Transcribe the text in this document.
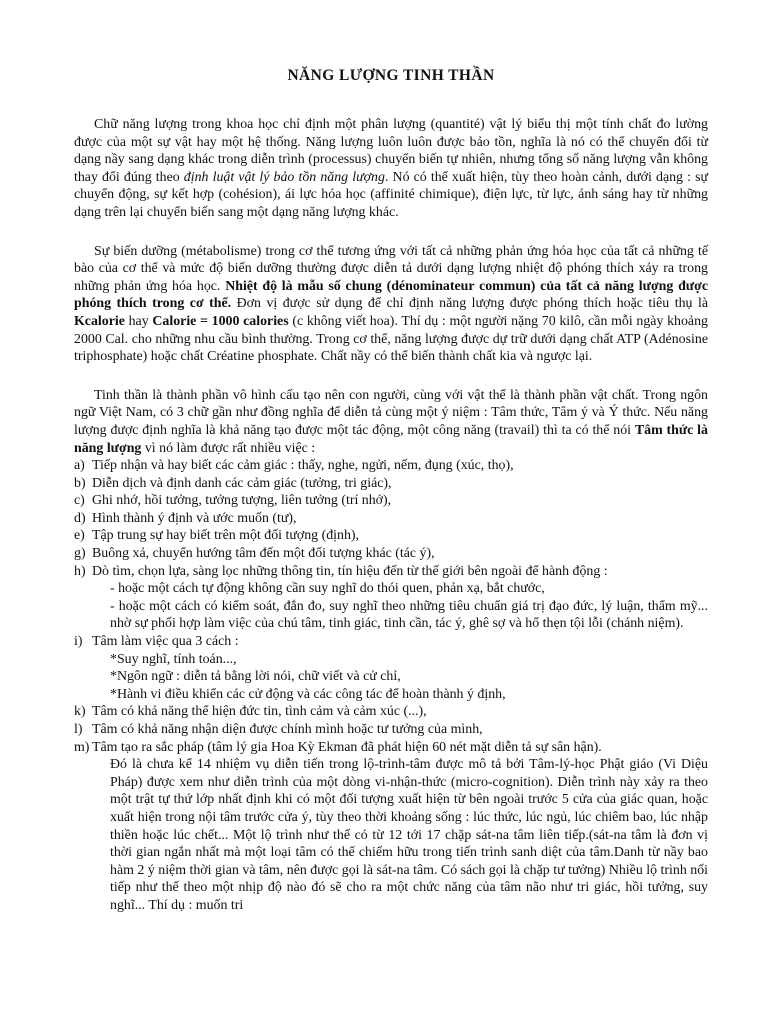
NĂNG LƯỢNG TINH THẦN

Chữ năng lượng trong khoa học chỉ định một phân lượng (quantité) vật lý biểu thị một tính chất đo lường được của một sự vật hay một hệ thống. Năng lượng luôn luôn được bảo tồn, nghĩa là nó có thể chuyển đổi từ dạng nầy sang dạng khác trong diễn trình (processus) chuyển biến tự nhiên, nhưng tổng số năng lượng vẫn không thay đổi đúng theo định luật vật lý bảo tồn năng lượng. Nó có thể xuất hiện, tùy theo hoàn cảnh, dưới dạng : sự chuyển động, sự kết hợp (cohésion), ái lực hóa học (affinité chimique), điện lực, từ lực, ánh sáng hay từ những dạng trên lại chuyển biến sang một dạng năng lượng khác.

Sự biến dưỡng (métabolisme) trong cơ thể tương ứng với tất cả những phản ứng hóa học của tất cả những tế bào của cơ thể và mức độ biến dưỡng thường được diễn tả dưới dạng lượng nhiệt độ phóng thích xảy ra trong những phản ứng hóa học. Nhiệt độ là mẫu số chung (dénominateur commun) của tất cả năng lượng được phóng thích trong cơ thể. Đơn vị được sử dụng để chỉ định năng lượng được phóng thích hoặc tiêu thụ là Kcalorie hay Calorie = 1000 calories (c không viết hoa). Thí dụ : một người nặng 70 kilô, cần mỗi ngày khoảng 2000 Cal. cho những nhu cầu bình thường. Trong cơ thể, năng lượng được dự trữ dưới dạng chất ATP (Adénosine triphosphate) hoặc chất Créatine phosphate. Chất nầy có thể biến thành chất kia và ngược lại.

Tinh thần là thành phần vô hình cấu tạo nên con người, cùng với vật thể là thành phần vật chất. Trong ngôn ngữ Việt Nam, có 3 chữ gần như đồng nghĩa để diễn tả cùng một ý niệm : Tâm thức, Tâm ý và Ý thức. Nếu năng lượng được định nghĩa là khả năng tạo được một tác động, một công năng (travail) thì ta có thể nói Tâm thức là năng lượng vì nó làm được rất nhiều việc :

a) Tiếp nhận và hay biết các cảm giác : thấy, nghe, ngửi, nếm, đụng (xúc, thọ),
b) Diễn dịch và định danh các cảm giác (tưởng, tri giác),
c) Ghi nhớ, hồi tưởng, tưởng tượng, liên tưởng (trí nhớ),
d) Hình thành ý định và ước muốn (tư),
e) Tập trung sự hay biết trên một đối tượng (định),
g) Buông xả, chuyển hướng tâm đến một đối tượng khác (tác ý),
h) Dò tìm, chọn lựa, sàng lọc những thông tin, tín hiệu đến từ thế giới bên ngoài để hành động :
- hoặc một cách tự động không cần suy nghĩ do thói quen, phản xạ, bắt chước,
- hoặc một cách có kiểm soát, đắn đo, suy nghĩ theo những tiêu chuẩn giá trị đạo đức, lý luận, thẩm mỹ... nhờ sự phối hợp làm việc của chú tâm, tinh giác, tinh cần, tác ý, ghê sợ và hổ thẹn tội lỗi (chánh niệm).
i) Tâm làm việc qua 3 cách :
*Suy nghĩ, tính toán...,
*Ngôn ngữ : diễn tả bằng lời nói, chữ viết và cử chỉ,
*Hành vi điều khiển các cử động và các công tác để hoàn thành ý định,
k) Tâm có khả năng thể hiện đức tin, tình cảm và cảm xúc (...),
l) Tâm có khả năng nhận diện được chính mình hoặc tư tưởng của mình,
m) Tâm tạo ra sắc pháp (tâm lý gia Hoa Kỳ Ekman đã phát hiện 60 nét mặt diễn tả sự sân hận).
Đó là chưa kể 14 nhiệm vụ diễn tiến trong lộ-trình-tâm được mô tả bởi Tâm-lý-học Phật giáo (Vi Diệu Pháp) được xem như diễn trình của một dòng vi-nhận-thức (micro-cognition). Diễn trình này xảy ra theo một trật tự thứ lớp nhất định khi có một đối tượng xuất hiện từ bên ngoài trước 5 cửa của giác quan, hoặc xuất hiện trong nội tâm trước cửa ý, tùy theo thời khoảng sống : lúc thức, lúc ngủ, lúc chiêm bao, lúc nhập thiền hoặc lúc chết... Một lộ trình như thế có từ 12 tới 17 chặp sát-na tâm liên tiếp.(sát-na tâm là đơn vị thời gian ngắn nhất mà một loại tâm có thể chiếm hữu trong tiến trình sanh diệt của tâm.Danh từ nầy bao hàm 2 ý niệm thời gian và tâm, nên được gọi là sát-na tâm. Có sách gọi là chặp tư tưởng) Nhiều lộ trình nối tiếp như thế theo một nhịp độ nào đó sẽ cho ra một chức năng của tâm não như tri giác, hồi tưởng, suy nghĩ... Thí dụ : muốn tri
